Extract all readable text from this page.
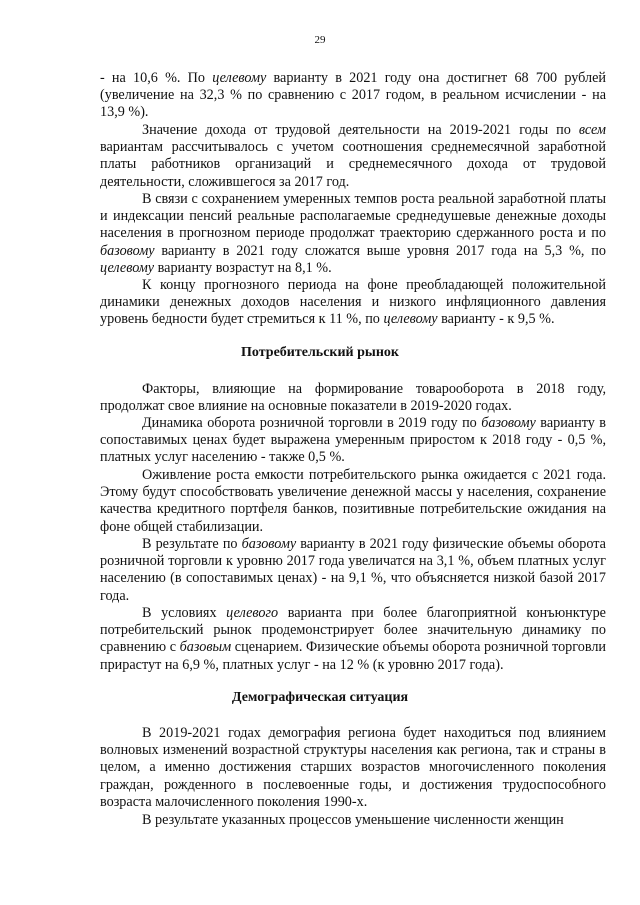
29
- на 10,6 %. По целевому варианту в 2021 году она достигнет 68 700 рублей (увеличение на 32,3 % по сравнению с 2017 годом, в реальном исчислении - на 13,9 %).
Значение дохода от трудовой деятельности на 2019-2021 годы по всем вариантам рассчитывалось с учетом соотношения среднемесячной заработной платы работников организаций и среднемесячного дохода от трудовой деятельности, сложившегося за 2017 год.
В связи с сохранением умеренных темпов роста реальной заработной платы и индексации пенсий реальные располагаемые среднедушевые денежные доходы населения в прогнозном периоде продолжат траекторию сдержанного роста и по базовому варианту в 2021 году сложатся выше уровня 2017 года на 5,3 %, по целевому варианту возрастут на 8,1 %.
К концу прогнозного периода на фоне преобладающей положительной динамики денежных доходов населения и низкого инфляционного давления уровень бедности будет стремиться к 11 %, по целевому варианту - к 9,5 %.
Потребительский рынок
Факторы, влияющие на формирование товарооборота в 2018 году, продолжат свое влияние на основные показатели в 2019-2020 годах.
Динамика оборота розничной торговли в 2019 году по базовому варианту в сопоставимых ценах будет выражена умеренным приростом к 2018 году - 0,5 %, платных услуг населению - также 0,5 %.
Оживление роста емкости потребительского рынка ожидается с 2021 года. Этому будут способствовать увеличение денежной массы у населения, сохранение качества кредитного портфеля банков, позитивные потребительские ожидания на фоне общей стабилизации.
В результате по базовому варианту в 2021 году физические объемы оборота розничной торговли к уровню 2017 года увеличатся на 3,1 %, объем платных услуг населению (в сопоставимых ценах) - на 9,1 %, что объясняется низкой базой 2017 года.
В условиях целевого варианта при более благоприятной конъюнктуре потребительский рынок продемонстрирует более значительную динамику по сравнению с базовым сценарием. Физические объемы оборота розничной торговли прирастут на 6,9 %, платных услуг - на 12 % (к уровню 2017 года).
Демографическая ситуация
В 2019-2021 годах демография региона будет находиться под влиянием волновых изменений возрастной структуры населения как региона, так и страны в целом, а именно достижения старших возрастов многочисленного поколения граждан, рожденного в послевоенные годы, и достижения трудоспособного возраста малочисленного поколения 1990-х.
В результате указанных процессов уменьшение численности женщин
